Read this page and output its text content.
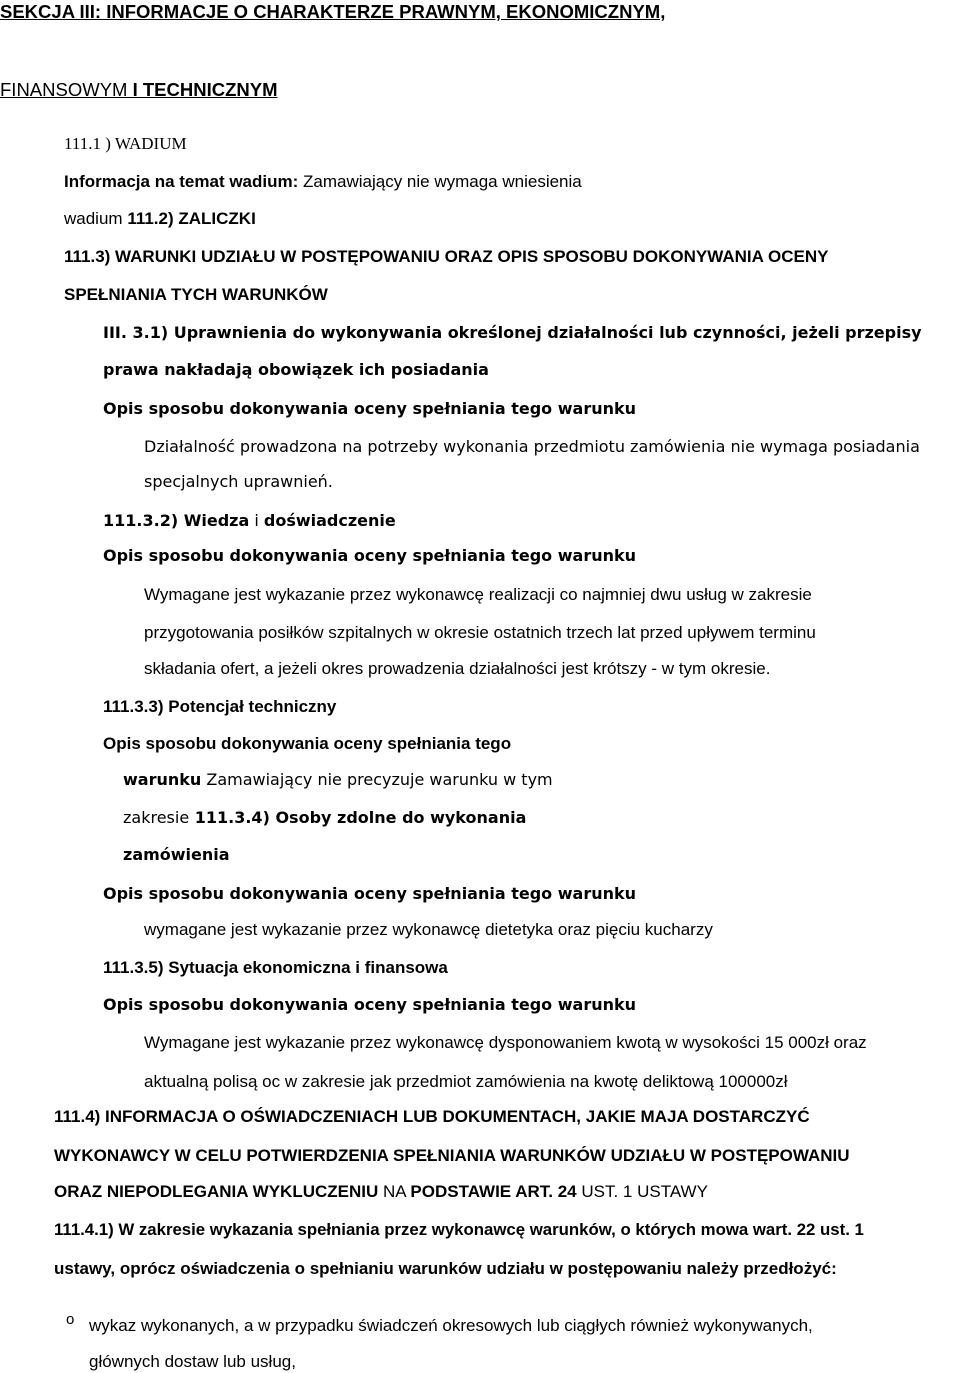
SEKCJA III: INFORMACJE O CHARAKTERZE PRAWNYM, EKONOMICZNYM,
FINANSOWYM I TECHNICZNYM
111.1 ) WADIUM
Informacja na temat wadium: Zamawiający nie wymaga wniesienia
wadium 111.2) ZALICZKI
111.3) WARUNKI UDZIAŁU W POSTĘPOWANIU ORAZ OPIS SPOSOBU DOKONYWANIA OCENY
SPEŁNIANIA TYCH WARUNKÓW
III. 3.1) Uprawnienia do wykonywania określonej działalności lub czynności, jeżeli przepisy
prawa nakładają obowiązek ich posiadania
Opis sposobu dokonywania oceny spełniania tego warunku
Działalność prowadzona na potrzeby wykonania przedmiotu zamówienia nie wymaga posiadania
specjalnych uprawnień.
111.3.2) Wiedza i doświadczenie
Opis sposobu dokonywania oceny spełniania tego warunku
Wymagane jest wykazanie przez wykonawcę realizacji co najmniej dwu usług w zakresie
przygotowania posiłków szpitalnych w okresie ostatnich trzech lat przed upływem terminu
składania ofert, a jeżeli okres prowadzenia działalności jest krótszy - w tym okresie.
111.3.3) Potencjał techniczny
Opis sposobu dokonywania oceny spełniania tego
warunku Zamawiający nie precyzuje warunku w tym
zakresie 111.3.4) Osoby zdolne do wykonania
zamówienia
Opis sposobu dokonywania oceny spełniania tego warunku
wymagane jest wykazanie przez wykonawcę dietetyka oraz pięciu kucharzy
111.3.5) Sytuacja ekonomiczna i finansowa
Opis sposobu dokonywania oceny spełniania tego warunku
Wymagane jest wykazanie przez wykonawcę dysponowaniem kwotą w wysokości 15 000zł oraz
aktualną polisą oc w zakresie jak przedmiot zamówienia na kwotę deliktową 100000zł
111.4) INFORMACJA O OŚWIADCZENIACH LUB DOKUMENTACH, JAKIE MAJA DOSTARCZYĆ
WYKONAWCY W CELU POTWIERDZENIA SPEŁNIANIA WARUNKÓW UDZIAŁU W POSTĘPOWANIU
ORAZ NIEPODLEGANIA WYKLUCZENIU NA PODSTAWIE ART. 24 UST. 1 USTAWY
111.4.1) W zakresie wykazania spełniania przez wykonawcę warunków, o których mowa wart. 22 ust. 1
ustawy, oprócz oświadczenia o spełnianiu warunków udziału w postępowaniu należy przedłożyć:
o wykaz wykonanych, a w przypadku świadczeń okresowych lub ciągłych również wykonywanych,
głównych dostaw lub usług,
